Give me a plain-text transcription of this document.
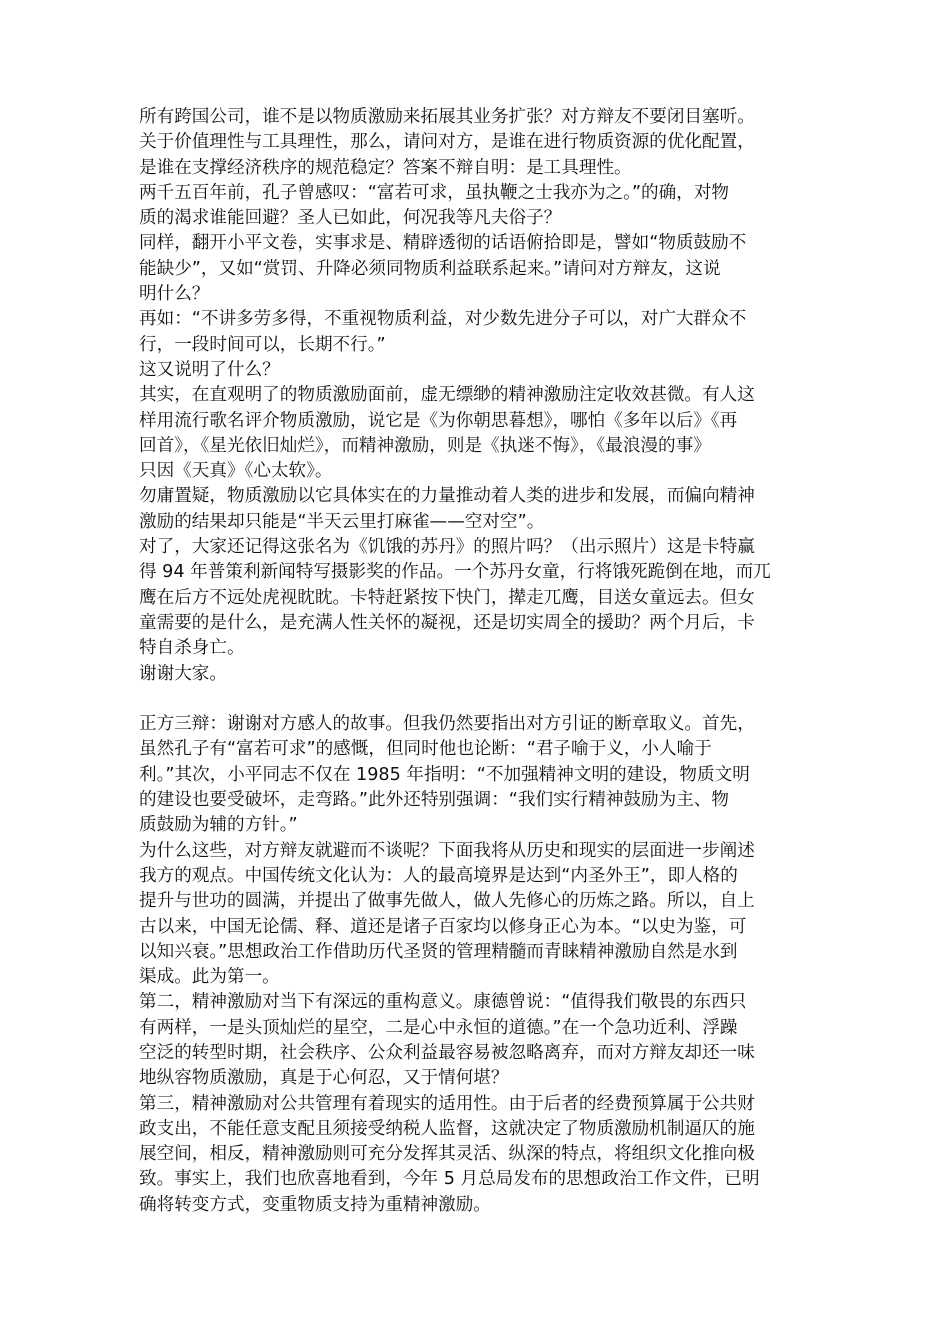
所有跨国公司，谁不是以物质激励来拓展其业务扩张？对方辩友不要闭目塞听。
关于价值理性与工具理性，那么，请问对方，是谁在进行物质资源的优化配置，
是谁在支撑经济秩序的规范稳定？答案不辩自明：是工具理性。
两千五百年前，孔子曾感叹：“富若可求，虽执鞭之士我亦为之。”的确，对物
质的渴求谁能回避？圣人已如此，何况我等凡夫俗子？
同样，翻开小平文卷，实事求是、精辟透彻的话语俯拾即是，譬如“物质鼓励不
能缺少”，又如“赏罚、升降必须同物质利益联系起来。”请问对方辩友，这说
明什么？
再如：“不讲多劳多得，不重视物质利益，对少数先进分子可以，对广大群众不
行，一段时间可以，长期不行。”
这又说明了什么？
其实，在直观明了的物质激励面前，虚无缥缈的精神激励注定收效甚微。有人这
样用流行歌名评介物质激励，说它是《为你朝思暮想》，哪怕《多年以后》《再
回首》，《星光依旧灿烂》，而精神激励，则是《执迷不悔》，《最浪漫的事》
只因《天真》《心太软》。
勿庸置疑，物质激励以它具体实在的力量推动着人类的进步和发展，而偏向精神
激励的结果却只能是“半天云里打麻雀——空对空”。
对了，大家还记得这张名为《饥饿的苏丹》的照片吗？（出示照片）这是卡特赢
得 94 年普策利新闻特写摄影奖的作品。一个苏丹女童，行将饿死跪倒在地，而兀
鹰在后方不远处虎视眈眈。卡特赶紧按下快门，撵走兀鹰，目送女童远去。但女
童需要的是什么，是充满人性关怀的凝视，还是切实周全的援助？两个月后，卡
特自杀身亡。
谢谢大家。
正方三辩：谢谢对方感人的故事。但我仍然要指出对方引证的断章取义。首先，
虽然孔子有“富若可求”的感慨，但同时他也论断：“君子喻于义，小人喻于
利。”其次，小平同志不仅在 1985 年指明：“不加强精神文明的建设，物质文明
的建设也要受破坏，走弯路。”此外还特别强调：“我们实行精神鼓励为主、物
质鼓励为辅的方针。”
为什么这些，对方辩友就避而不谈呢？下面我将从历史和现实的层面进一步阐述
我方的观点。中国传统文化认为：人的最高境界是达到“内圣外王”，即人格的
提升与世功的圆满，并提出了做事先做人，做人先修心的历炼之路。所以，自上
古以来，中国无论儒、释、道还是诸子百家均以修身正心为本。“以史为鉴，可
以知兴衰。”思想政治工作借助历代圣贤的管理精髓而青睐精神激励自然是水到
渠成。此为第一。
第二，精神激励对当下有深远的重构意义。康德曾说：“值得我们敬畏的东西只
有两样，一是头顶灿烂的星空，二是心中永恒的道德。”在一个急功近利、浮躁
空泛的转型时期，社会秩序、公众利益最容易被忽略离弃，而对方辩友却还一味
地纵容物质激励，真是于心何忍，又于情何堪？
第三，精神激励对公共管理有着现实的适用性。由于后者的经费预算属于公共财
政支出，不能任意支配且须接受纳税人监督，这就决定了物质激励机制逼仄的施
展空间，相反，精神激励则可充分发挥其灵活、纵深的特点，将组织文化推向极
致。事实上，我们也欣喜地看到，今年 5 月总局发布的思想政治工作文件，已明
确将转变方式，变重物质支持为重精神激励。
